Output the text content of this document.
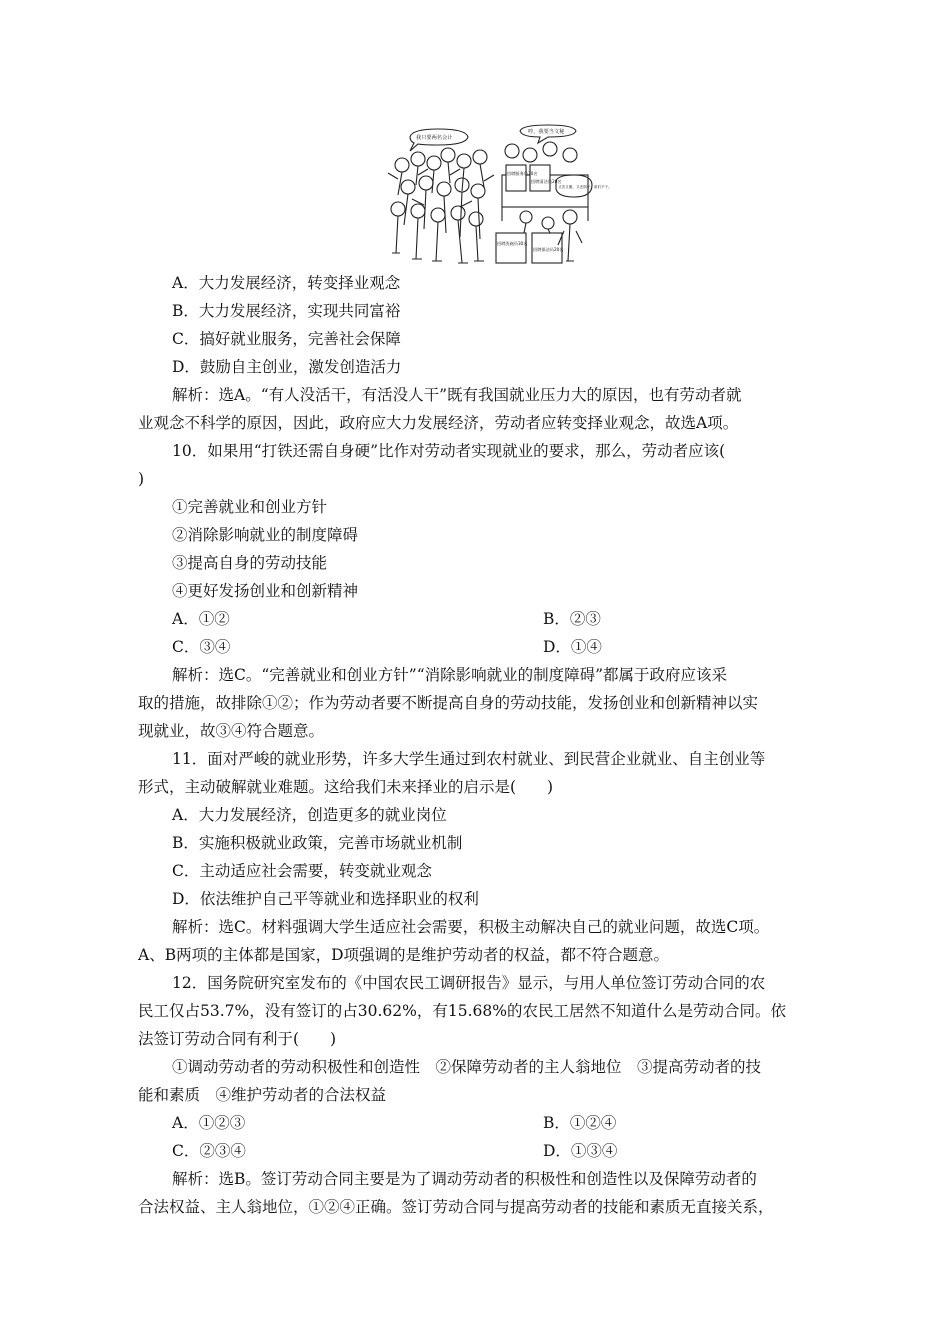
我只要两名会计
哼，我要当文秘
招聘服务员30名
招聘清洁员20名
招聘洗碗员30名
招聘保洁员20名
又苦又累，又丢面子，咱们不干。
A．大力发展经济，转变择业观念
B．大力发展经济，实现共同富裕
C．搞好就业服务，完善社会保障
D．鼓励自主创业，激发创造活力
解析：选A。“有人没活干，有活没人干”既有我国就业压力大的原因，也有劳动者就
业观念不科学的原因，因此，政府应大力发展经济，劳动者应转变择业观念，故选A项。
10．如果用“打铁还需自身硬”比作对劳动者实现就业的要求，那么，劳动者应该(
)
①完善就业和创业方针
②消除影响就业的制度障碍
③提高自身的劳动技能
④更好发扬创业和创新精神
A．①②	B．②③
C．③④	D．①④
解析：选C。“完善就业和创业方针”“消除影响就业的制度障碍”都属于政府应该采
取的措施，故排除①②；作为劳动者要不断提高自身的劳动技能，发扬创业和创新精神以实
现就业，故③④符合题意。
11．面对严峻的就业形势，许多大学生通过到农村就业、到民营企业就业、自主创业等
形式，主动破解就业难题。这给我们未来择业的启示是(　　)
A．大力发展经济，创造更多的就业岗位
B．实施积极就业政策，完善市场就业机制
C．主动适应社会需要，转变就业观念
D．依法维护自己平等就业和选择职业的权利
解析：选C。材料强调大学生适应社会需要，积极主动解决自己的就业问题，故选C项。
A、B两项的主体都是国家，D项强调的是维护劳动者的权益，都不符合题意。
12．国务院研究室发布的《中国农民工调研报告》显示，与用人单位签订劳动合同的农
民工仅占53.7%，没有签订的占30.62%，有15.68%的农民工居然不知道什么是劳动合同。依
法签订劳动合同有利于(　　)
①调动劳动者的劳动积极性和创造性　②保障劳动者的主人翁地位　③提高劳动者的技
能和素质　④维护劳动者的合法权益
A．①②③	B．①②④
C．②③④	D．①③④
解析：选B。签订劳动合同主要是为了调动劳动者的积极性和创造性以及保障劳动者的
合法权益、主人翁地位，①②④正确。签订劳动合同与提高劳动者的技能和素质无直接关系，
